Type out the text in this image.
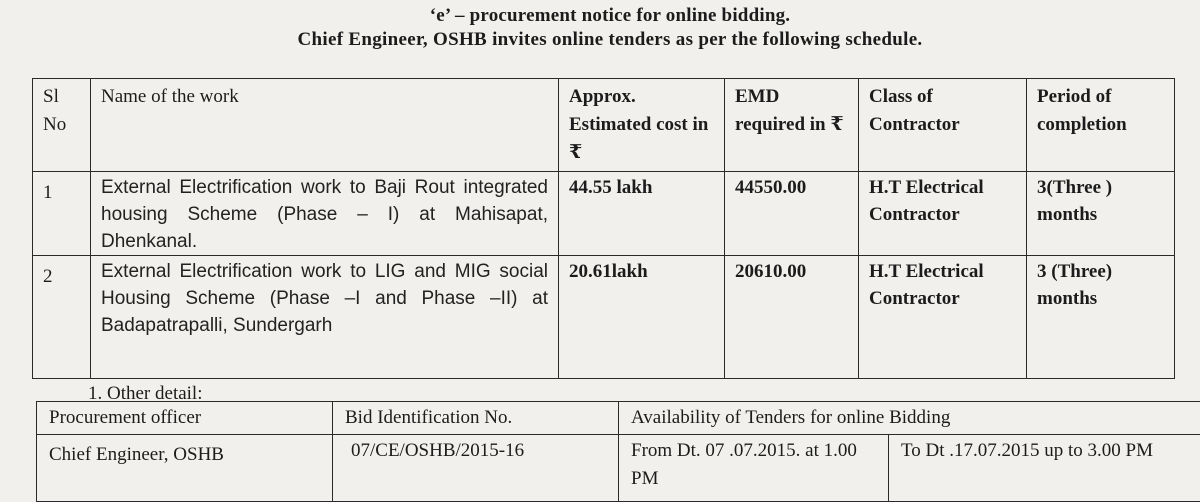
‘e’ – procurement notice for online bidding.
Chief Engineer, OSHB invites online tenders as per the following schedule.
Sl No	Name of the work	Approx. Estimated cost in ₹	EMD required in ₹	Class of Contractor	Period of completion
1	External Electrification work to Baji Rout integrated housing Scheme (Phase – I) at Mahisapat, Dhenkanal.	44.55 lakh	44550.00	H.T Electrical Contractor	3(Three ) months
2	External Electrification work to LIG and MIG social Housing Scheme (Phase –I and Phase –II) at Badapatrapalli, Sundergarh	20.61lakh	20610.00	H.T Electrical Contractor	3 (Three) months
1. Other detail:
Procurement officer	Bid Identification No.	Availability of Tenders for online Bidding	
Chief Engineer, OSHB	07/CE/OSHB/2015-16	From Dt. 07 .07.2015. at 1.00 PM	To Dt .17.07.2015 up to 3.00 PM
